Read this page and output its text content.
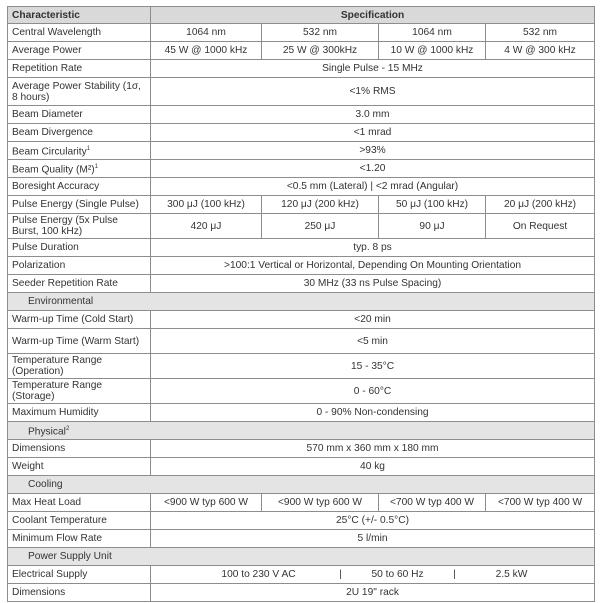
Characteristic	Specification			
Central Wavelength	1064 nm	532 nm	1064 nm	532 nm
Average Power	45 W @ 1000 kHz	25 W @ 300kHz	10 W @ 1000 kHz	4 W @ 300 kHz
Repetition Rate	Single Pulse - 15 MHz			
Average Power Stability (1σ, 8 hours)	<1% RMS			
Beam Diameter	3.0 mm			
Beam Divergence	<1 mrad			
Beam Circularity$^1$	>93%			
Beam Quality (M²)$^1$	<1.20			
Boresight Accuracy	<0.5 mm (Lateral) | <2 mrad (Angular)			
Pulse Energy (Single Pulse)	300 μJ (100 kHz)	120 μJ (200 kHz)	50 μJ (100 kHz)	20 μJ (200 kHz)
Pulse Energy (5x Pulse Burst, 100 kHz)	420 μJ	250 μJ	90 μJ	On Request
Pulse Duration	typ. 8 ps			
Polarization	>100:1 Vertical or Horizontal, Depending On Mounting Orientation			
Seeder Repetition Rate	30 MHz (33 ns Pulse Spacing)			
Environmental				
Warm-up Time (Cold Start)	<20 min			
Warm-up Time (Warm Start)	<5 min			
Temperature Range (Operation)	15 - 35°C			
Temperature Range (Storage)	0 - 60°C			
Maximum Humidity	0 - 90% Non-condensing			
Physical$^2$
Dimensions	570 mm x 360 mm x 180 mm			
Weight	40 kg			
Cooling				
Max Heat Load	<900 W typ 600 W	<900 W typ 600 W	<700 W typ 400 W	<700 W typ 400 W
Coolant Temperature	25°C (+/- 0.5°C)			
Minimum Flow Rate	5 l/min			
Power Supply Unit				
Electrical Supply	100 to 230 V AC | 50 to 60 Hz | 2.5 kW			
Dimensions	2U 19" rack			
